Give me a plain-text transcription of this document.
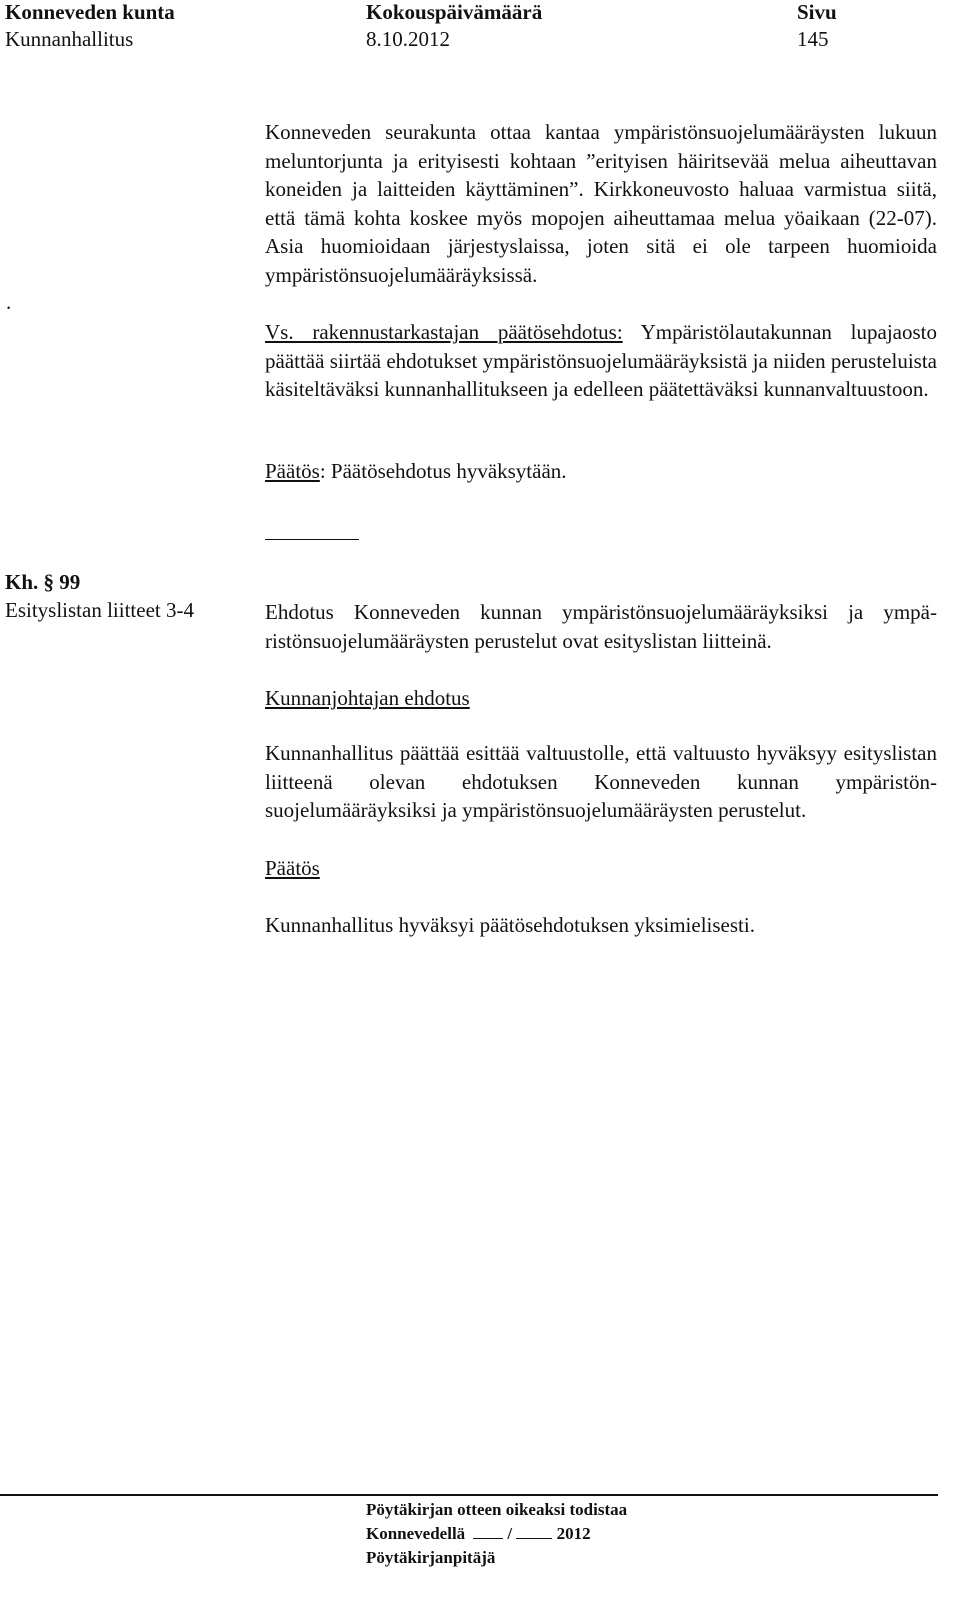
Konneveden kunta
Kunnanhallitus
Kokouspäivämäärä
8.10.2012
Sivu
145
.
Kh. § 99
Esityslistan liitteet 3-4
Konneveden seurakunta ottaa kantaa ympäristönsuojelumääräysten lukuun meluntorjunta ja erityisesti kohtaan ”erityisen häiritsevää melua aiheuttavan koneiden ja laitteiden käyttäminen”. Kirkkoneuvosto haluaa varmistua siitä, että tämä kohta koskee myös mopojen aiheuttamaa melua yöaikaan (22-07). Asia huomioidaan järjestyslaissa, joten sitä ei ole tarpeen huomioida ympäristönsuojelumääräyksissä.
Vs. rakennustarkastajan päätösehdotus: Ympäristölautakunnan lupajaosto päättää siirtää ehdotukset ympäristönsuojelumääräyksistä ja niiden perusteluista käsiteltäväksi kunnanhallitukseen ja edelleen päätettäväksi kunnanvaltuustoon.
Päätös: Päätösehdotus hyväksytään.
Ehdotus Konneveden kunnan ympäristönsuojelumääräyksiksi ja ympäristönsuojelumääräysten perustelut ovat esityslistan liitteinä.
Kunnanjohtajan ehdotus
Kunnanhallitus päättää esittää valtuustolle, että valtuusto hyväksyy esityslistan liitteenä olevan ehdotuksen Konneveden kunnan ympäristönsuojelumääräyksiksi ja ympäristönsuojelumääräysten perustelut.
Päätös
Kunnanhallitus hyväksyi päätösehdotuksen yksimielisesti.
Pöytäkirjan otteen oikeaksi todistaa
Konnevedellä /	2012
Pöytäkirjanpitäjä
